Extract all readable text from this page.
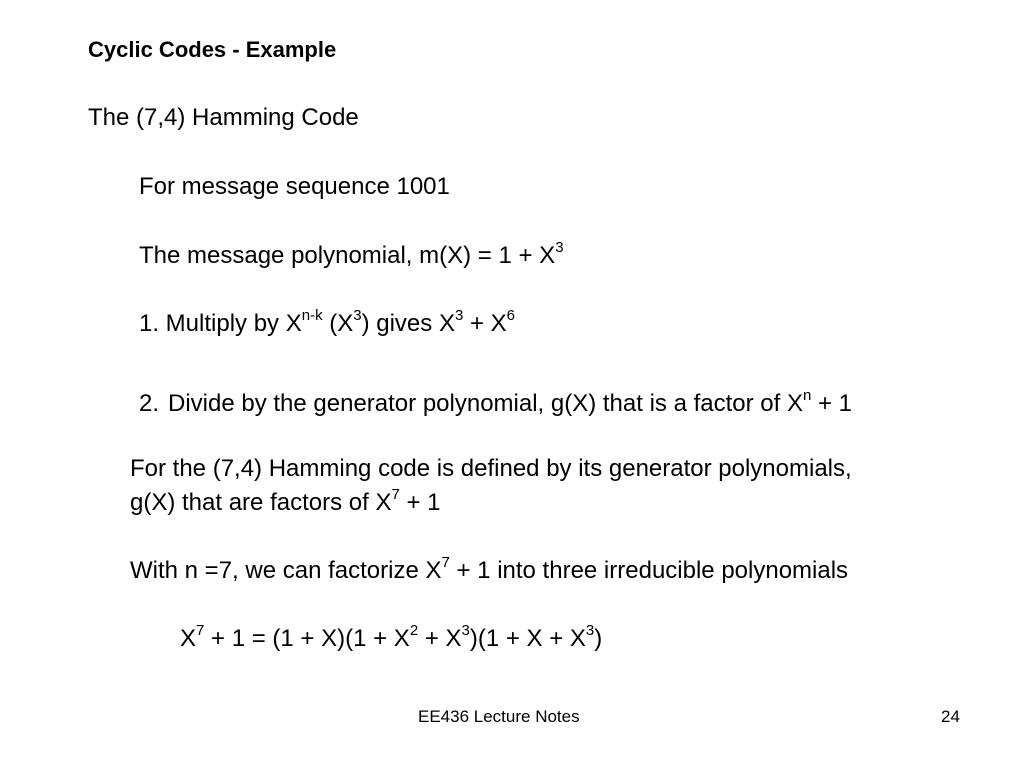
Cyclic Codes - Example
The (7,4) Hamming Code
For message sequence 1001
The message polynomial, $m(X) = 1 + X^3$
1. Multiply by $X^{n-k}$ $(X^3)$ gives $X^3 + X^6$
2. Divide by the generator polynomial, g(X) that is a factor of $X^n + 1$
For the (7,4) Hamming code is defined by its generator polynomials,
g(X) that are factors of $X^7 + 1$
With n =7, we can factorize $X^7 + 1$ into three irreducible polynomials
$X^7 + 1 = (1 + X)(1 + X^2 + X^3)(1 + X + X^3)$
EE436 Lecture Notes	24
